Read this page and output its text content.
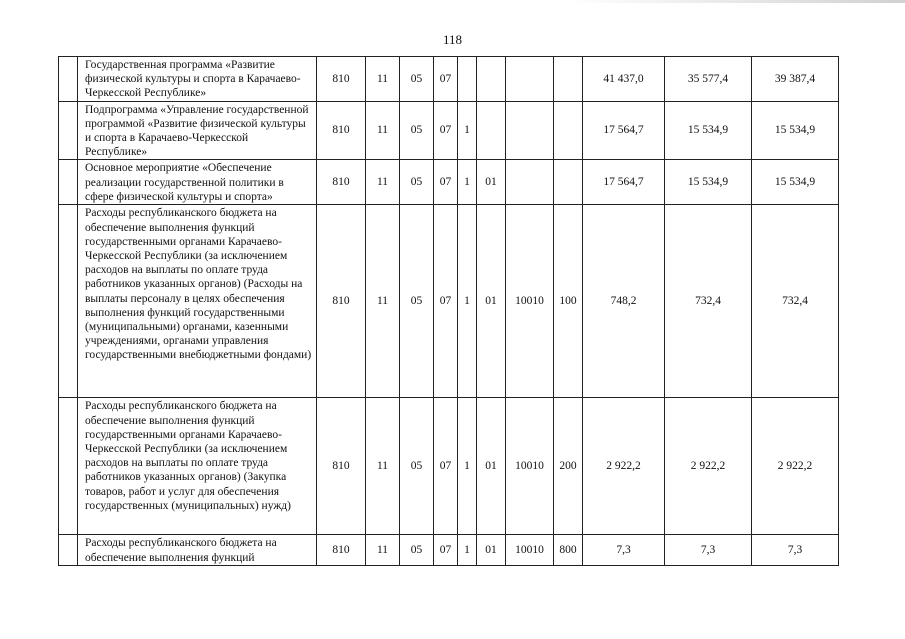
118
	Государственная программа «Развитие физической культуры и спорта в Карачаево-Черкесской Республике»	810	11	05	07					41 437,0	35 577,4	39 387,4
	Подпрограмма «Управление государственной программой «Развитие физической культуры и спорта в Карачаево-Черкесской Республике»	810	11	05	07	1				17 564,7	15 534,9	15 534,9
	Основное мероприятие «Обеспечение реализации государственной политики в сфере физической культуры и спорта»	810	11	05	07	1	01			17 564,7	15 534,9	15 534,9
	Расходы республиканского бюджета на обеспечение выполнения функций государственными органами Карачаево-Черкесской Республики (за исключением расходов на выплаты по оплате труда работников указанных органов) (Расходы на выплаты персоналу в целях обеспечения выполнения функций государственными (муниципальными) органами, казенными учреждениями, органами управления государственными внебюджетными фондами)	810	11	05	07	1	01	10010	100	748,2	732,4	732,4
	Расходы республиканского бюджета на обеспечение выполнения функций государственными органами Карачаево-Черкесской Республики (за исключением расходов на выплаты по оплате труда работников указанных органов) (Закупка товаров, работ и услуг для обеспечения государственных (муниципальных) нужд)	810	11	05	07	1	01	10010	200	2 922,2	2 922,2	2 922,2
	Расходы республиканского бюджета на обеспечение выполнения функций	810	11	05	07	1	01	10010	800	7,3	7,3	7,3
